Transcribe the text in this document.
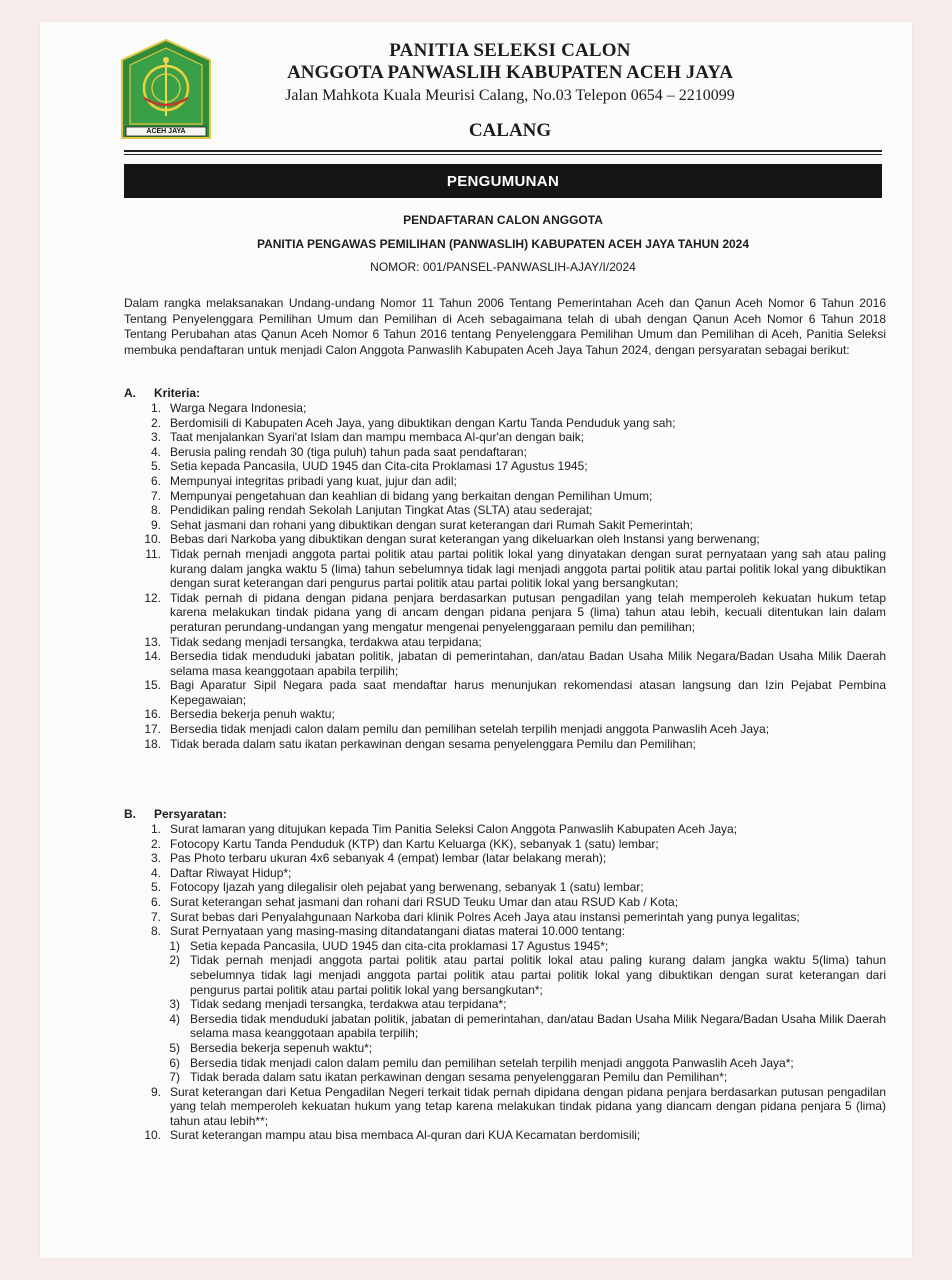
ACEH JAYA
PANITIA SELEKSI CALON
ANGGOTA PANWASLIH KABUPATEN ACEH JAYA
Jalan Mahkota Kuala Meurisi Calang, No.03 Telepon 0654 – 2210099
CALANG
PENGUMUNAN
PENDAFTARAN CALON ANGGOTA
PANITIA PENGAWAS PEMILIHAN (PANWASLIH) KABUPATEN ACEH JAYA TAHUN 2024
NOMOR: 001/PANSEL-PANWASLIH-AJAY/I/2024
Dalam rangka melaksanakan Undang-undang Nomor 11 Tahun 2006 Tentang Pemerintahan Aceh dan Qanun Aceh Nomor 6 Tahun 2016 Tentang Penyelenggara Pemilihan Umum dan Pemilihan di Aceh sebagaimana telah di ubah dengan Qanun Aceh Nomor 6 Tahun 2018 Tentang Perubahan atas Qanun Aceh Nomor 6 Tahun 2016 tentang Penyelenggara Pemilihan Umum dan Pemilihan di Aceh, Panitia Seleksi membuka pendaftaran untuk menjadi Calon Anggota Panwaslih Kabupaten Aceh Jaya Tahun 2024, dengan persyaratan sebagai berikut:
A. Kriteria:
1. Warga Negara Indonesia;
2. Berdomisili di Kabupaten Aceh Jaya, yang dibuktikan dengan Kartu Tanda Penduduk yang sah;
3. Taat menjalankan Syari'at Islam dan mampu membaca Al-qur'an dengan baik;
4. Berusia paling rendah 30 (tiga puluh) tahun pada saat pendaftaran;
5. Setia kepada Pancasila, UUD 1945 dan Cita-cita Proklamasi 17 Agustus 1945;
6. Mempunyai integritas pribadi yang kuat, jujur dan adil;
7. Mempunyai pengetahuan dan keahlian di bidang yang berkaitan dengan Pemilihan Umum;
8. Pendidikan paling rendah Sekolah Lanjutan Tingkat Atas (SLTA) atau sederajat;
9. Sehat jasmani dan rohani yang dibuktikan dengan surat keterangan dari Rumah Sakit Pemerintah;
10. Bebas dari Narkoba yang dibuktikan dengan surat keterangan yang dikeluarkan oleh Instansi yang berwenang;
11. Tidak pernah menjadi anggota partai politik atau partai politik lokal yang dinyatakan dengan surat pernyataan yang sah atau paling kurang dalam jangka waktu 5 (lima) tahun sebelumnya tidak lagi menjadi anggota partai politik atau partai politik lokal yang dibuktikan dengan surat keterangan dari pengurus partai politik atau partai politik lokal yang bersangkutan;
12. Tidak pernah di pidana dengan pidana penjara berdasarkan putusan pengadilan yang telah memperoleh kekuatan hukum tetap karena melakukan tindak pidana yang di ancam dengan pidana penjara 5 (lima) tahun atau lebih, kecuali ditentukan lain dalam peraturan perundang-undangan yang mengatur mengenai penyelenggaraan pemilu dan pemilihan;
13. Tidak sedang menjadi tersangka, terdakwa atau terpidana;
14. Bersedia tidak menduduki jabatan politik, jabatan di pemerintahan, dan/atau Badan Usaha Milik Negara/Badan Usaha Milik Daerah selama masa keanggotaan apabila terpilih;
15. Bagi Aparatur Sipil Negara pada saat mendaftar harus menunjukan rekomendasi atasan langsung dan Izin Pejabat Pembina Kepegawaian;
16. Bersedia bekerja penuh waktu;
17. Bersedia tidak menjadi calon dalam pemilu dan pemilihan setelah terpilih menjadi anggota Panwaslih Aceh Jaya;
18. Tidak berada dalam satu ikatan perkawinan dengan sesama penyelenggara Pemilu dan Pemilihan;
B. Persyaratan:
1. Surat lamaran yang ditujukan kepada Tim Panitia Seleksi Calon Anggota Panwaslih Kabupaten Aceh Jaya;
2. Fotocopy Kartu Tanda Penduduk (KTP) dan Kartu Keluarga (KK), sebanyak 1 (satu) lembar;
3. Pas Photo terbaru ukuran 4x6 sebanyak 4 (empat) lembar (latar belakang merah);
4. Daftar Riwayat Hidup*;
5. Fotocopy Ijazah yang dilegalisir oleh pejabat yang berwenang, sebanyak 1 (satu) lembar;
6. Surat keterangan sehat jasmani dan rohani dari RSUD Teuku Umar dan atau RSUD Kab / Kota;
7. Surat bebas dari Penyalahgunaan Narkoba dari klinik Polres Aceh Jaya atau instansi pemerintah yang punya legalitas;
8. Surat Pernyataan yang masing-masing ditandatangani diatas materai 10.000 tentang:
1) Setia kepada Pancasila, UUD 1945 dan cita-cita proklamasi 17 Agustus 1945*;
2) Tidak pernah menjadi anggota partai politik atau partai politik lokal atau paling kurang dalam jangka waktu 5(lima) tahun sebelumnya tidak lagi menjadi anggota partai politik atau partai politik lokal yang dibuktikan dengan surat keterangan dari pengurus partai politik atau partai politik lokal yang bersangkutan*;
3) Tidak sedang menjadi tersangka, terdakwa atau terpidana*;
4) Bersedia tidak menduduki jabatan politik, jabatan di pemerintahan, dan/atau Badan Usaha Milik Negara/Badan Usaha Milik Daerah selama masa keanggotaan apabila terpilih;
5) Bersedia bekerja sepenuh waktu*;
6) Bersedia tidak menjadi calon dalam pemilu dan pemilihan setelah terpilih menjadi anggota Panwaslih Aceh Jaya*;
7) Tidak berada dalam satu ikatan perkawinan dengan sesama penyelenggaran Pemilu dan Pemilihan*;
9. Surat keterangan dari Ketua Pengadilan Negeri terkait tidak pernah dipidana dengan pidana penjara berdasarkan putusan pengadilan yang telah memperoleh kekuatan hukum yang tetap karena melakukan tindak pidana yang diancam dengan pidana penjara 5 (lima) tahun atau lebih**;
10. Surat keterangan mampu atau bisa membaca Al-quran dari KUA Kecamatan berdomisili;
